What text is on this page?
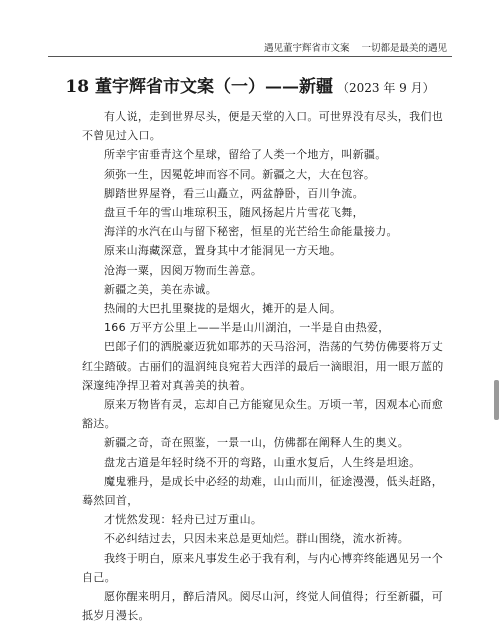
遇见董宇辉省市文案 一切都是最美的遇见
18 董宇辉省市文案（一）——新疆 （2023 年 9 月）

有人说，走到世界尽头，便是天堂的入口。可世界没有尽头，我们也

不曾见过入口。

所幸宇宙垂青这个星球，留给了人类一个地方，叫新疆。

须弥一生，因冕乾坤而容不同。新疆之大，大在包容。

脚踏世界屋脊，看三山矗立，两盆静卧，百川争流。

盘亘千年的雪山堆琼积玉，随风扬起片片雪花飞舞，

海洋的水汽在山与留下秘密，恒星的光芒给生命能量接力。

原来山海藏深意，置身其中才能洞见一方天地。

沧海一粟，因阅万物而生善意。

新疆之美，美在赤诚。

热闹的大巴扎里聚拢的是烟火，摊开的是人间。

166 万平方公里上——半是山川湖泊，一半是自由热爱，

巴郎子们的洒脱豪迈犹如耶苏的天马浴河，浩荡的气势仿佛要将万丈

红尘踏破。古丽们的温润纯良宛若大西洋的最后一滴眼泪，用一眼万蓝的

深邃纯净捍卫着对真善美的执着。

原来万物皆有灵，忘却自己方能窥见众生。万顷一苇，因观本心而愈

豁达。

新疆之奇，奇在照鉴，一景一山，仿佛都在阐释人生的奥义。

盘龙古道是年轻时绕不开的弯路，山重水复后，人生终是坦途。

魔鬼雅丹，是成长中必经的劫难，山山而川，征途漫漫，低头赶路，

蓦然回首，

才恍然发现：轻舟已过万重山。

不必纠结过去，只因未来总是更灿烂。群山围绕，流水祈祷。

我终于明白，原来凡事发生必于我有利，与内心博弈终能遇见另一个

自己。

愿你醒来明月，醉后清风。阅尽山河，终觉人间值得；行至新疆，可

抵岁月漫长。
